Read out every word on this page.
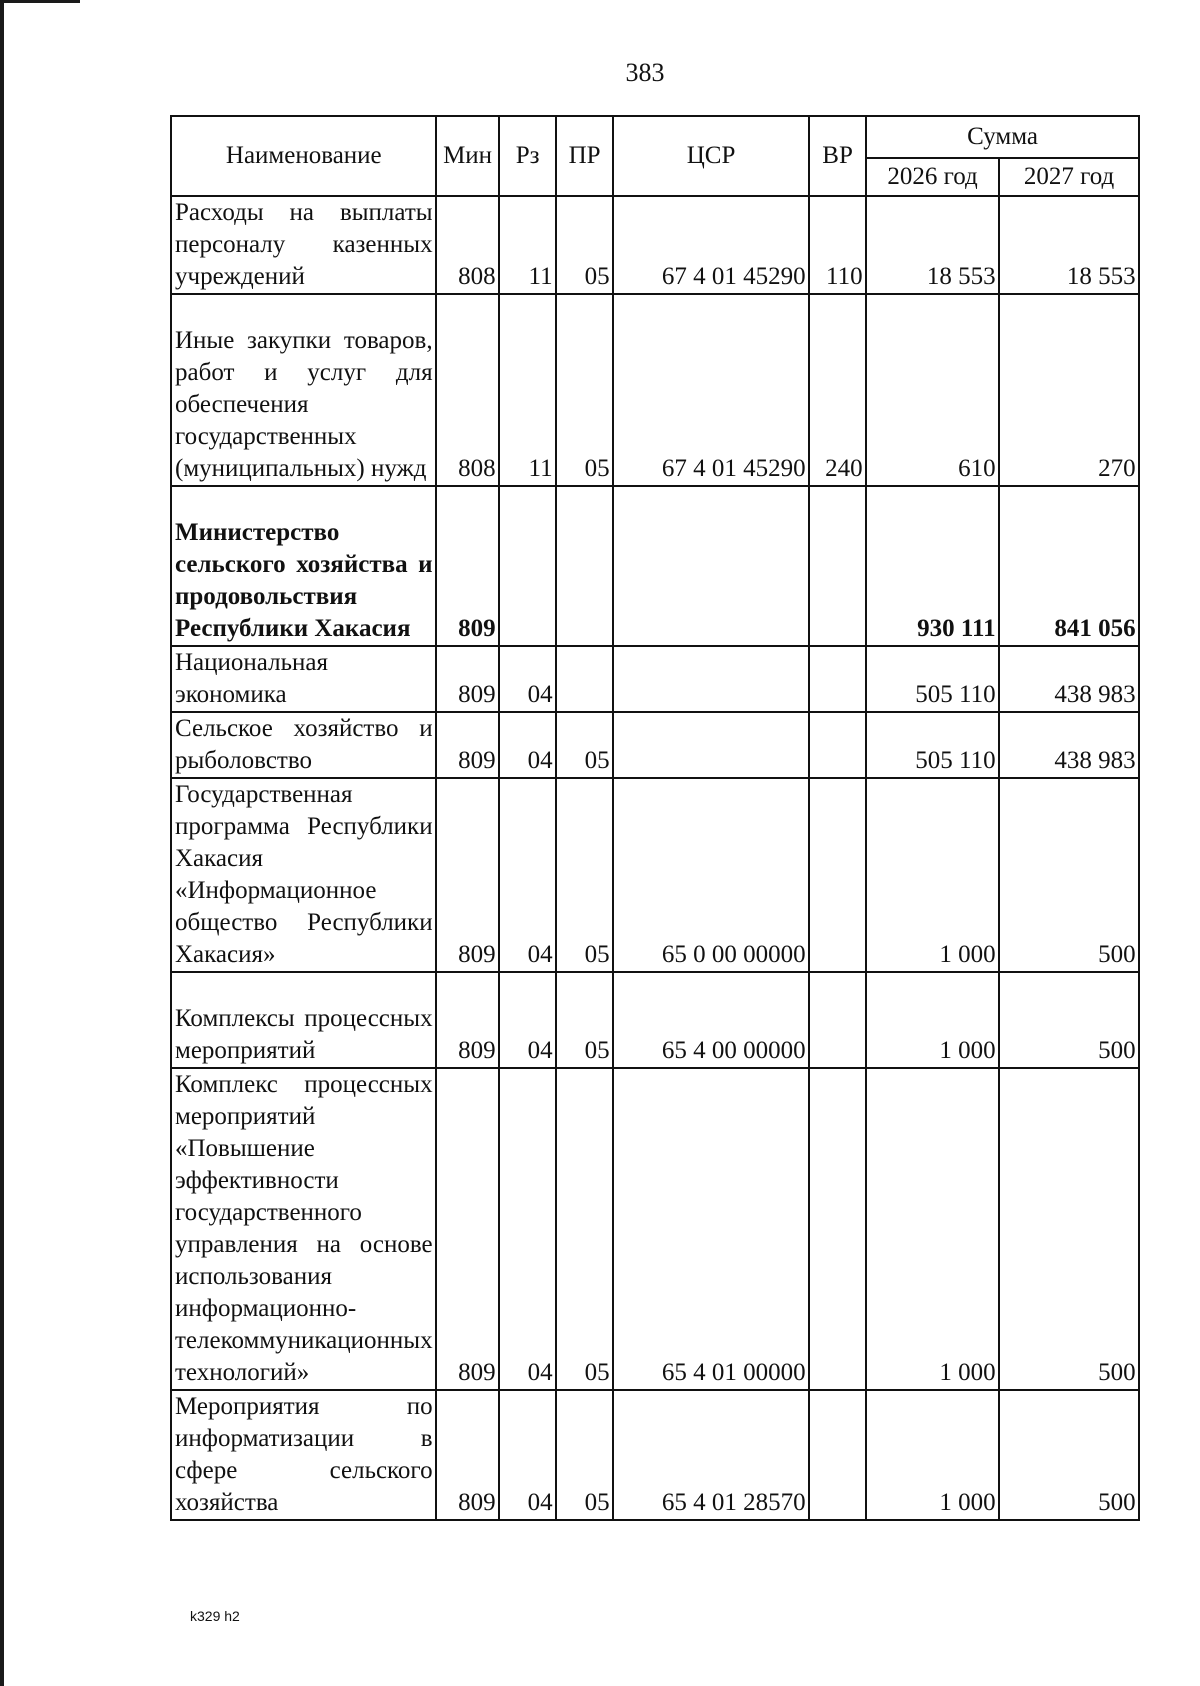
383
Наименование	Мин	Рз	ПР	ЦСР	ВР	Сумма	
						2026 год	2027 год
Расходы на выплаты персоналу казенных учреждений	808	11	05	67 4 01 45290	110	18 553	18 553
Иные закупки товаров, работ и услуг для обеспечения государственных (муниципальных) нужд	808	11	05	67 4 01 45290	240	610	270
Министерство сельского хозяйства и продовольствия Республики Хакасия	809					930 111	841 056
Национальная экономика	809	04				505 110	438 983
Сельское хозяйство и рыболовство	809	04	05			505 110	438 983
Государственная программа Республики Хакасия «Информационное общество Республики Хакасия»	809	04	05	65 0 00 00000		1 000	500
Комплексы процессных мероприятий	809	04	05	65 4 00 00000		1 000	500
Комплекс процессных мероприятий «Повышение эффективности государственного управления на основе использования информационно-телекоммуникационных технологий»	809	04	05	65 4 01 00000		1 000	500
Мероприятия по информатизации в сфере сельского хозяйства	809	04	05	65 4 01 28570		1 000	500
k329 h2
